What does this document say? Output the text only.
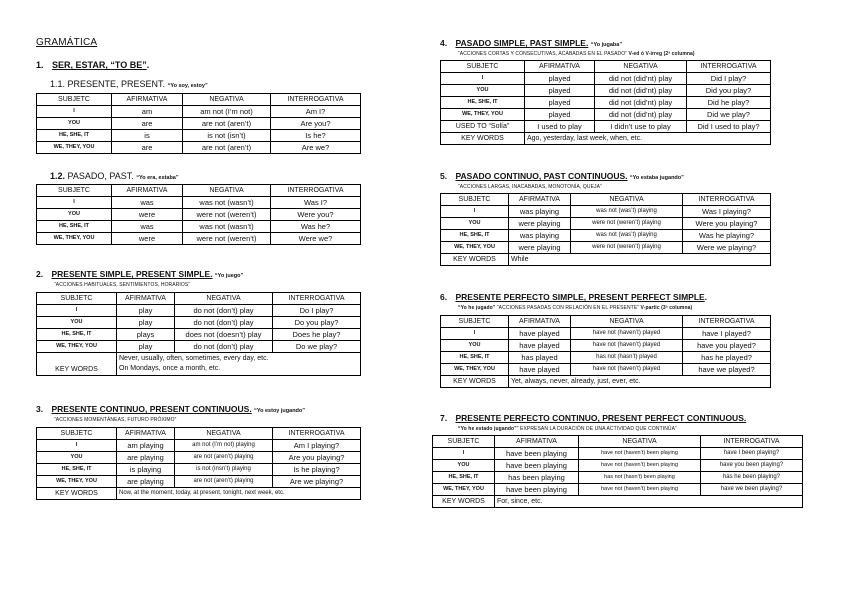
GRAMÁTICA
1. SER, ESTAR, “TO BE”.
1.1. PRESENTE, PRESENT. “Yo soy, estoy”
SUBJETC	AFIRMATIVA	NEGATIVA	INTERROGATIVA
I	am	am not (I’m not)	Am I?
YOU	are	are not (aren’t)	Are you?
HE, SHE, IT	is	is not (isn’t)	Is he?
WE, THEY, YOU	are	are not (aren’t)	Are we?
1.2. PASADO, PAST. “Yo era, estaba”
SUBJETC	AFIRMATIVA	NEGATIVA	INTERROGATIVA
I	was	was not (wasn’t)	Was I?
YOU	were	were not (weren’t)	Were you?
HE, SHE, IT	was	was not (wasn’t)	Was he?
WE, THEY, YOU	were	were not (weren’t)	Were we?
2. PRESENTE SIMPLE, PRESENT SIMPLE. “Yo juego”
“ACCIONES HABITUALES, SENTIMIENTOS, HORARIOS”
SUBJETC	AFIRMATIVA	NEGATIVA	INTERROGATIVA
I	play	do not (don’t) play	Do I play?
YOU	play	do not (don’t) play	Do you play?
HE, SHE, IT	plays	does not (doesn’t) play	Does he play?
WE, THEY, YOU	play	do not (don’t) play	Do we play?
KEY WORDS	Never, usually, often, sometimes, every day, etc.
On Mondays, once a month, etc.		
3. PRESENTE CONTINUO, PRESENT CONTINUOUS. “Yo estoy jugando”
“ACCIONES MOMENTÁNEAS, FUTURO PRÓXIMO”
SUBJETC	AFIRMATIVA	NEGATIVA	INTERROGATIVA
I	am playing	am not (I’m not) playing	Am I playing?
YOU	are playing	are not (aren’t) playing	Are you playing?
HE, SHE, IT	is playing	is not (insn’t) playing	Is he playing?
WE, THEY, YOU	are playing	are not (aren’t) playing	Are we playing?
KEY WORDS	Now, at the moment, today, at present, tonight, next week, etc.		
4. PASADO SIMPLE, PAST SIMPLE. “Yo jugaba”
“ACCIONES CORTAS Y CONSECUTIVAS, ACABADAS EN EL PASADO” V-ed ó V-irreg (2ª columna)
SUBJETC	AFIRMATIVA	NEGATIVA	INTERROGATIVA
I	played	did not (did’nt) play	Did I play?
YOU	played	did not (did’nt) play	Did you play?
HE, SHE, IT	played	did not (did’nt) play	Did he play?
WE, THEY, YOU	played	did not (did’nt) play	Did we play?
USED TO “Solía”	I used to play	I didn’t use to play	Did I used to play?
KEY WORDS	Ago, yesterday, last week, when, etc.		
5. PASADO CONTINUO, PAST CONTINUOUS. “Yo estaba jugando”
“ACCIONES LARGAS, INACABADAS, MONOTONÍA, QUEJA”
SUBJETC	AFIRMATIVA	NEGATIVA	INTERROGATIVA
I	was playing	was not (was’t) playing	Was I playing?
YOU	were playing	were not (weren’t) playing	Were you playing?
HE, SHE, IT	was playing	was not (was’t) playing	Was he playing?
WE, THEY, YOU	were playing	were not (weren’t) playing	Were we playing?
KEY WORDS	While		
6. PRESENTE PERFECTO SIMPLE, PRESENT PERFECT SIMPLE.
“Yo he jugado” “ACCIONES PASADAS CON RELACIÓN EN EL PRESENTE” V-partic (3ª columna)
SUBJETC	AFIRMATIVA	NEGATIVA	INTERROGATIVA
I	have played	have not (haven’t) played	have I played?
YOU	have played	have not (haven’t) played	have you played?
HE, SHE, IT	has played	has not (hasn’t) played	has he played?
WE, THEY, YOU	have played	have not (haven’t) played	have we played?
KEY WORDS	Yet, always, never, already, just, ever, etc.		
7. PRESENTE PERFECTO CONTINUO, PRESENT PERFECT CONTINUOUS.
“Yo he estado jugando”” EXPRESAN LA DURACIÓN DE UNA ACTIVIDAD QUE CONTINÚA”
SUBJETC	AFIRMATIVA	NEGATIVA	INTERROGATIVA
I	have been playing	have not (haven’t) been playing	have I been playing?
YOU	have been playing	have not (haven’t) been playing	have you been playing?
HE, SHE, IT	has been playing	has not (hasn’t) been playing	has he been playing?
WE, THEY, YOU	have been playing	have not (haven’t) been playing	have we been playing?
KEY WORDS	For, since, etc.		
